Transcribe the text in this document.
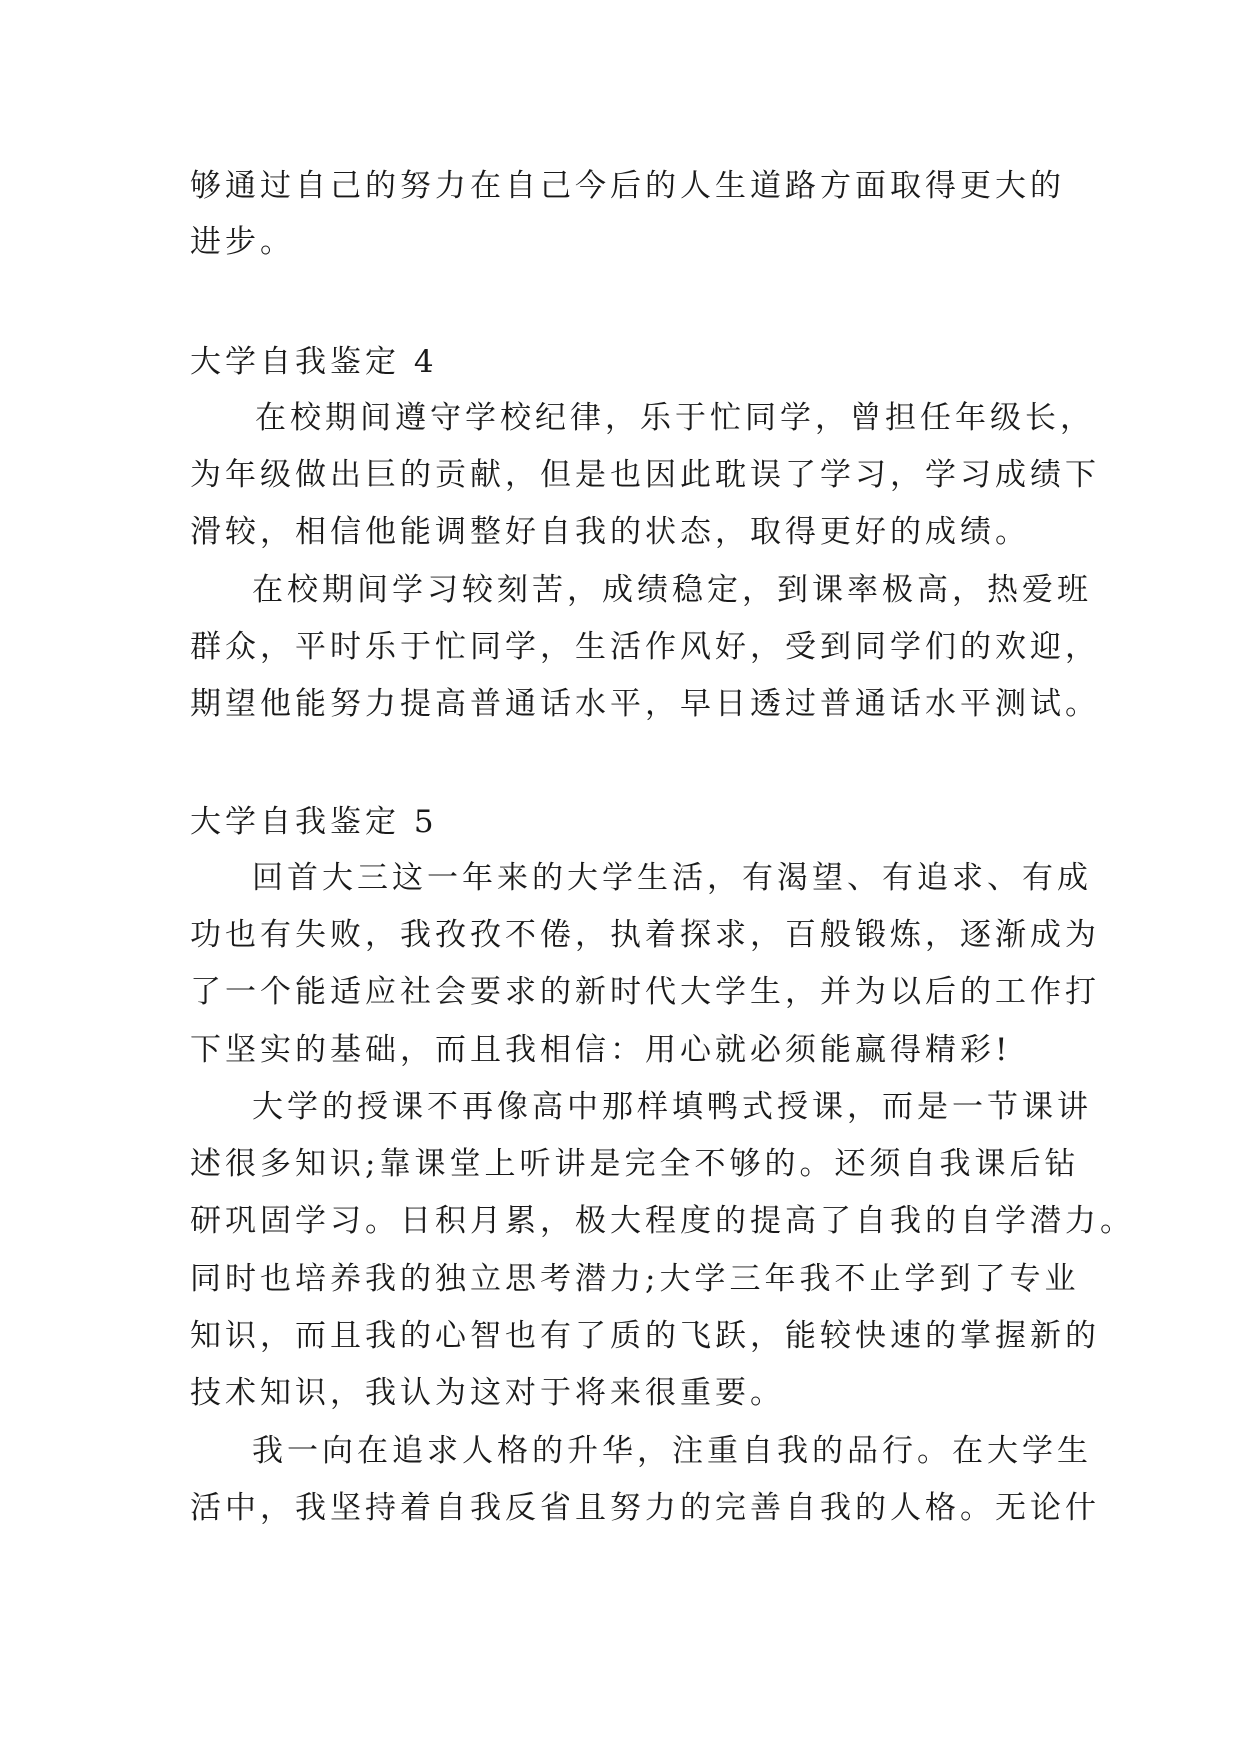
够通过自己的努力在自己今后的人生道路方面取得更大的
进步。
大学自我鉴定 4
在校期间遵守学校纪律，乐于忙同学，曾担任年级长，
为年级做出巨的贡献，但是也因此耽误了学习，学习成绩下
滑较，相信他能调整好自我的状态，取得更好的成绩。
在校期间学习较刻苦，成绩稳定，到课率极高，热爱班
群众，平时乐于忙同学，生活作风好，受到同学们的欢迎，
期望他能努力提高普通话水平，早日透过普通话水平测试。
大学自我鉴定 5
回首大三这一年来的大学生活，有渴望、有追求、有成
功也有失败，我孜孜不倦，执着探求，百般锻炼，逐渐成为
了一个能适应社会要求的新时代大学生，并为以后的工作打
下坚实的基础，而且我相信：用心就必须能赢得精彩!
大学的授课不再像高中那样填鸭式授课，而是一节课讲
述很多知识;靠课堂上听讲是完全不够的。还须自我课后钻
研巩固学习。日积月累，极大程度的提高了自我的自学潜力。
同时也培养我的独立思考潜力;大学三年我不止学到了专业
知识，而且我的心智也有了质的飞跃，能较快速的掌握新的
技术知识，我认为这对于将来很重要。
我一向在追求人格的升华，注重自我的品行。在大学生
活中，我坚持着自我反省且努力的完善自我的人格。无论什
